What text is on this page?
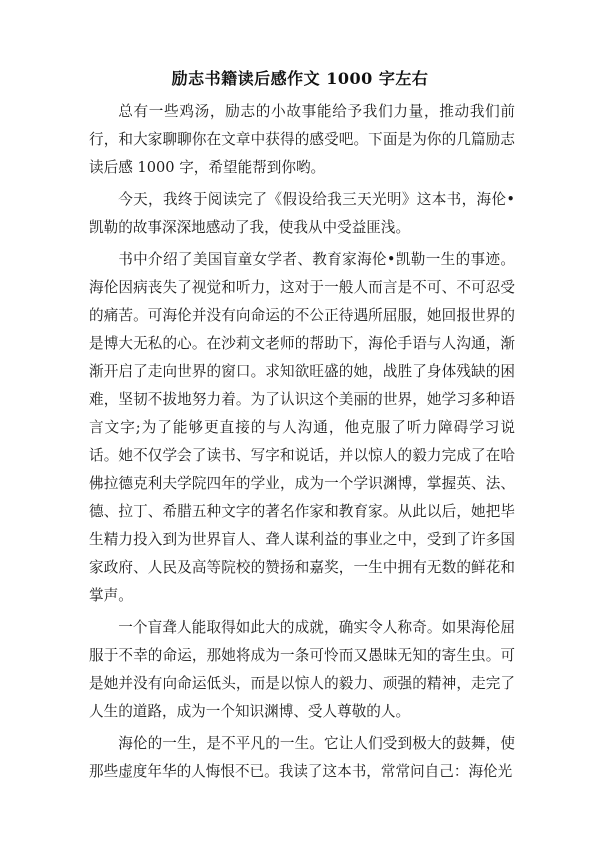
励志书籍读后感作文 1000 字左右

总有一些鸡汤，励志的小故事能给予我们力量，推动我们前行，和大家聊聊你在文章中获得的感受吧。下面是为你的几篇励志读后感 1000 字，希望能帮到你哟。

今天，我终于阅读完了《假设给我三天光明》这本书，海伦•凯勒的故事深深地感动了我，使我从中受益匪浅。

书中介绍了美国盲童女学者、教育家海伦•凯勒一生的事迹。海伦因病丧失了视觉和听力，这对于一般人而言是不可、不可忍受的痛苦。可海伦并没有向命运的不公正待遇所屈服，她回报世界的是博大无私的心。在沙莉文老师的帮助下，海伦手语与人沟通，渐渐开启了走向世界的窗口。求知欲旺盛的她，战胜了身体残缺的困难，坚韧不拔地努力着。为了认识这个美丽的世界，她学习多种语言文字;为了能够更直接的与人沟通，他克服了听力障碍学习说话。她不仅学会了读书、写字和说话，并以惊人的毅力完成了在哈佛拉德克利夫学院四年的学业，成为一个学识渊博，掌握英、法、德、拉丁、希腊五种文字的著名作家和教育家。从此以后，她把毕生精力投入到为世界盲人、聋人谋利益的事业之中，受到了许多国家政府、人民及高等院校的赞扬和嘉奖，一生中拥有无数的鲜花和掌声。

一个盲聋人能取得如此大的成就，确实令人称奇。如果海伦屈服于不幸的命运，那她将成为一条可怜而又愚昧无知的寄生虫。可是她并没有向命运低头，而是以惊人的毅力、顽强的精神，走完了人生的道路，成为一个知识渊博、受人尊敬的人。

海伦的一生，是不平凡的一生。它让人们受到极大的鼓舞，使那些虚度年华的人悔恨不已。我读了这本书，常常问自己：海伦光
